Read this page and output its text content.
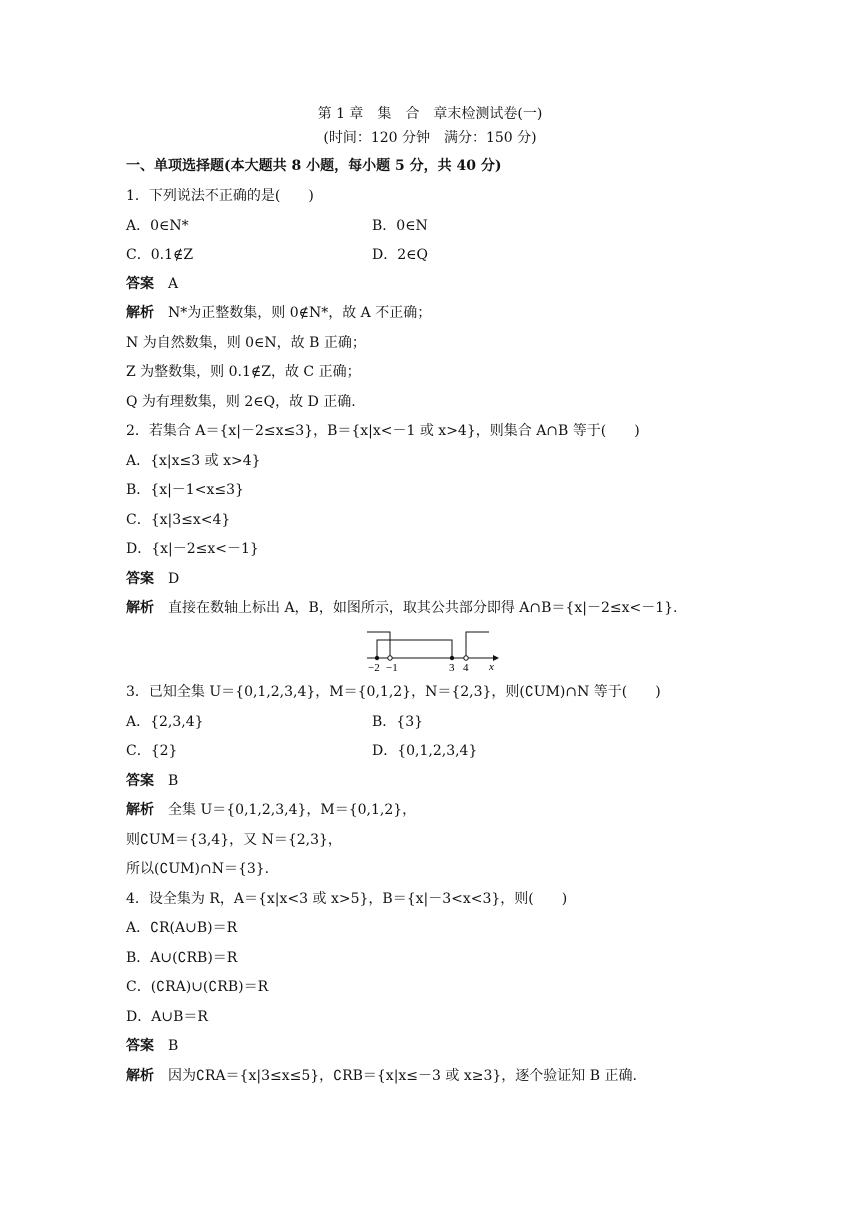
第 1 章　集　合　章末检测试卷(一)
(时间：120 分钟　满分：150 分)
一、单项选择题(本大题共 8 小题，每小题 5 分，共 40 分)
1．下列说法不正确的是(　　)
A．0∈N*	B．0∈N
C．0.1∉Z	D．2∈Q
答案 A
解析 N*为正整数集，则 0∉N*，故 A 不正确；
N 为自然数集，则 0∈N，故 B 正确；
Z 为整数集，则 0.1∉Z，故 C 正确；
Q 为有理数集，则 2∈Q，故 D 正确.
2．若集合 A＝{x|－2≤x≤3}，B＝{x|x<－1 或 x>4}，则集合 A∩B 等于(　　)
A．{x|x≤3 或 x>4}
B．{x|－1<x≤3}
C．{x|3≤x<4}
D．{x|－2≤x<－1}
答案 D
解析 直接在数轴上标出 A，B，如图所示，取其公共部分即得 A∩B＝{x|－2≤x<－1}.
−2 −1	3 4 x
3．已知全集 U＝{0,1,2,3,4}，M＝{0,1,2}，N＝{2,3}，则(∁UM)∩N 等于(　　)
A．{2,3,4}	B．{3}
C．{2}	D．{0,1,2,3,4}
答案 B
解析 全集 U＝{0,1,2,3,4}，M＝{0,1,2}，
则∁UM＝{3,4}，又 N＝{2,3}，
所以(∁UM)∩N＝{3}.
4．设全集为 R，A＝{x|x<3 或 x>5}，B＝{x|－3<x<3}，则(　　)
A．∁R(A∪B)＝R
B．A∪(∁RB)＝R
C．(∁RA)∪(∁RB)＝R
D．A∪B＝R
答案 B
解析 因为∁RA＝{x|3≤x≤5}，∁RB＝{x|x≤－3 或 x≥3}，逐个验证知 B 正确.
